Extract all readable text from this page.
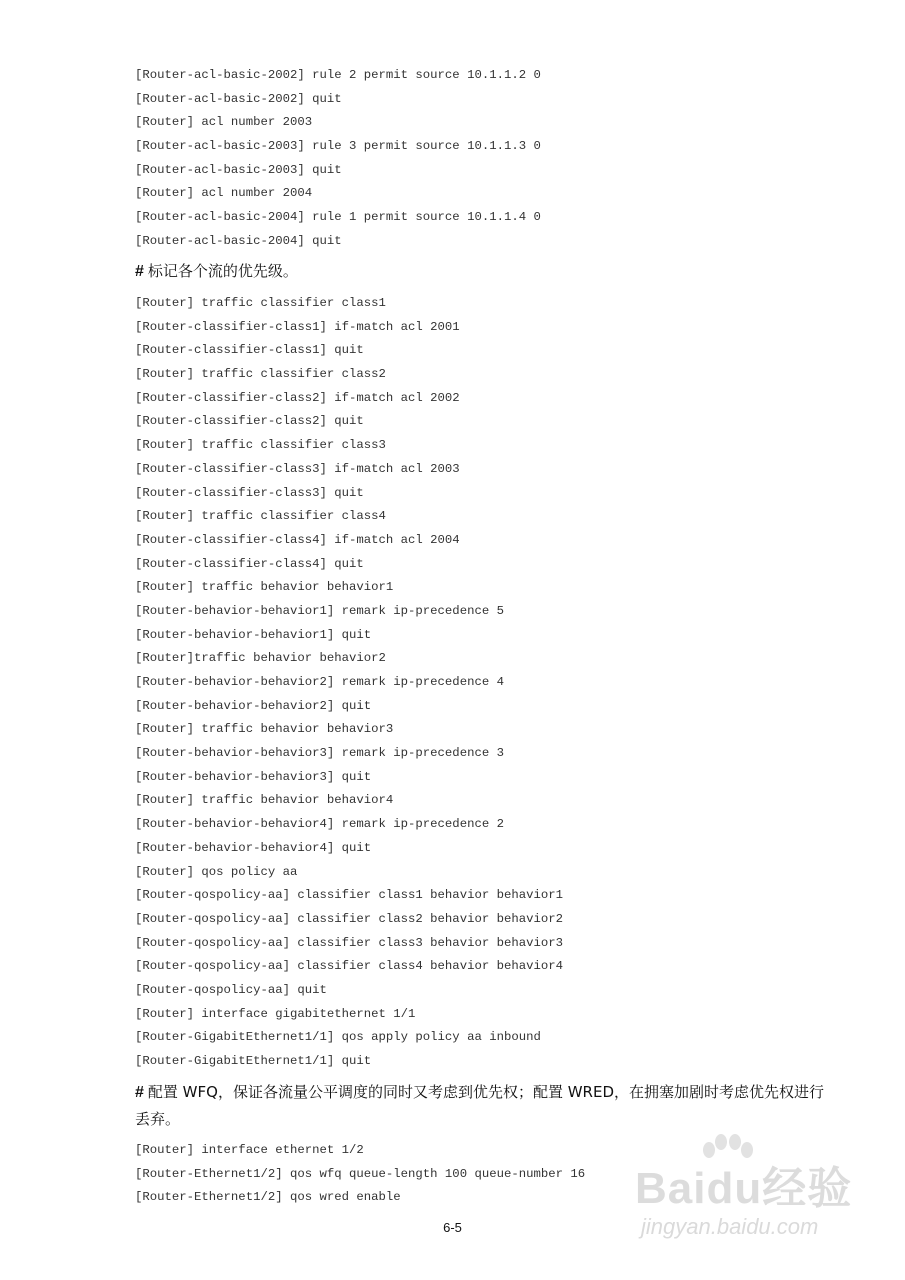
[Router-acl-basic-2002] rule 2 permit source 10.1.1.2 0
[Router-acl-basic-2002] quit
[Router] acl number 2003
[Router-acl-basic-2003] rule 3 permit source 10.1.1.3 0
[Router-acl-basic-2003] quit
[Router] acl number 2004
[Router-acl-basic-2004] rule 1 permit source 10.1.1.4 0
[Router-acl-basic-2004] quit
# 标记各个流的优先级。
[Router] traffic classifier class1
[Router-classifier-class1] if-match acl 2001
[Router-classifier-class1] quit
[Router] traffic classifier class2
[Router-classifier-class2] if-match acl 2002
[Router-classifier-class2] quit
[Router] traffic classifier class3
[Router-classifier-class3] if-match acl 2003
[Router-classifier-class3] quit
[Router] traffic classifier class4
[Router-classifier-class4] if-match acl 2004
[Router-classifier-class4] quit
[Router] traffic behavior behavior1
[Router-behavior-behavior1] remark ip-precedence 5
[Router-behavior-behavior1] quit
[Router]traffic behavior behavior2
[Router-behavior-behavior2] remark ip-precedence 4
[Router-behavior-behavior2] quit
[Router] traffic behavior behavior3
[Router-behavior-behavior3] remark ip-precedence 3
[Router-behavior-behavior3] quit
[Router] traffic behavior behavior4
[Router-behavior-behavior4] remark ip-precedence 2
[Router-behavior-behavior4] quit
[Router] qos policy aa
[Router-qospolicy-aa] classifier class1 behavior behavior1
[Router-qospolicy-aa] classifier class2 behavior behavior2
[Router-qospolicy-aa] classifier class3 behavior behavior3
[Router-qospolicy-aa] classifier class4 behavior behavior4
[Router-qospolicy-aa] quit
[Router] interface gigabitethernet 1/1
[Router-GigabitEthernet1/1] qos apply policy aa inbound
[Router-GigabitEthernet1/1] quit
# 配置 WFQ，保证各流量公平调度的同时又考虑到优先权；配置 WRED，在拥塞加剧时考虑优先权进行丢弃。
[Router] interface ethernet 1/2
[Router-Ethernet1/2] qos wfq queue-length 100 queue-number 16
[Router-Ethernet1/2] qos wred enable
6-5
Baidu经验
jingyan.baidu.com
